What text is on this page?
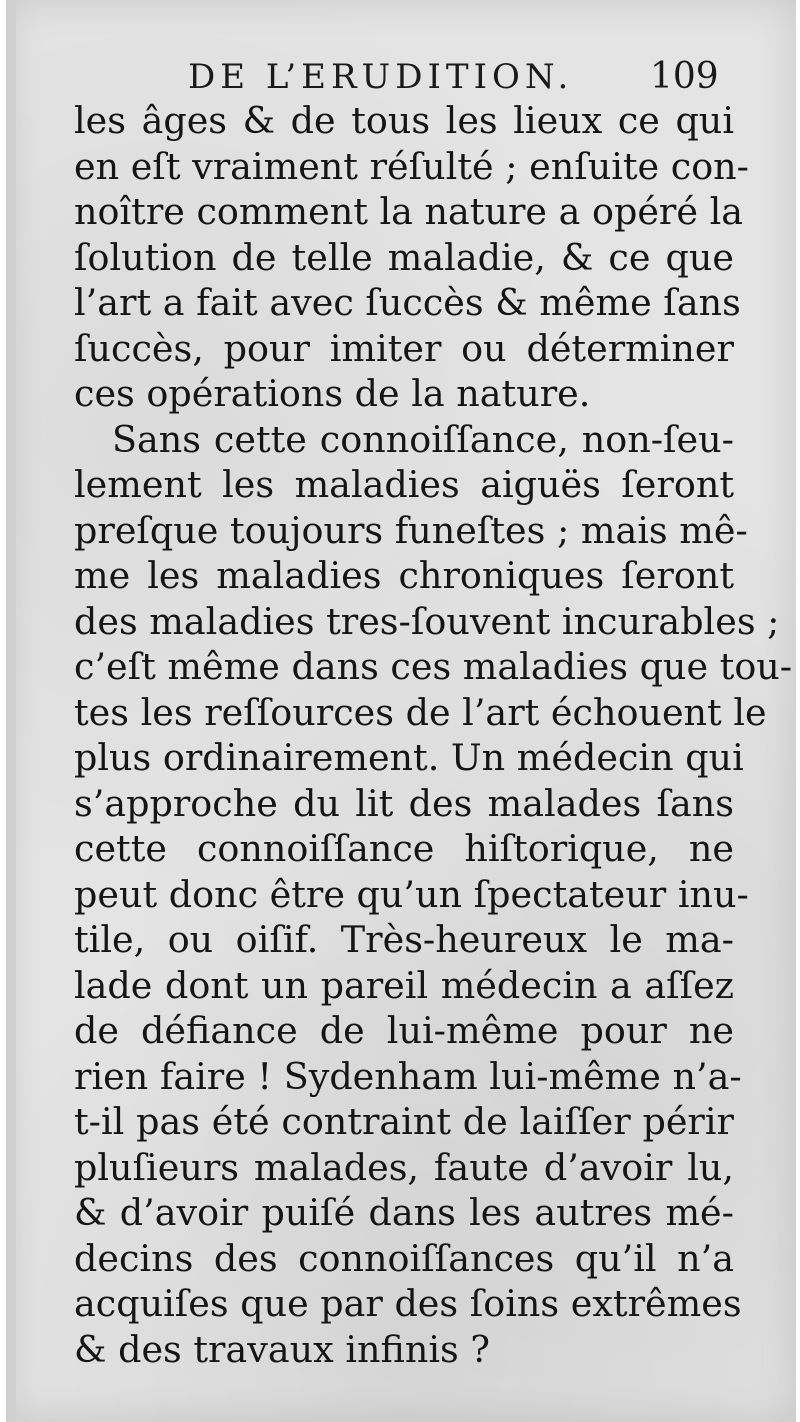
DE L’ERUDITION. 109
les âges & de tous les lieux ce qui
en eſt vraiment réſulté ; enſuite con-
noître comment la nature a opéré la
ſolution de telle maladie, & ce que
l’art a fait avec ſuccès & même ſans
ſuccès, pour imiter ou déterminer
ces opérations de la nature.
Sans cette connoiſſance, non-ſeu-
lement les maladies aiguës ſeront
preſque toujours funeſtes ; mais mê-
me les maladies chroniques ſeront
des maladies tres-ſouvent incurables ;
c’eſt même dans ces maladies que tou-
tes les reſſources de l’art échouent le
plus ordinairement. Un médecin qui
s’approche du lit des malades ſans
cette connoiſſance hiſtorique, ne
peut donc être qu’un ſpectateur inu-
tile, ou oiſif. Très-heureux le ma-
lade dont un pareil médecin a aſſez
de défiance de lui-même pour ne
rien faire ! Sydenham lui-même n’a-
t-il pas été contraint de laiſſer périr
pluſieurs malades, faute d’avoir lu,
& d’avoir puiſé dans les autres mé-
decins des connoiſſances qu’il n’a
acquiſes que par des ſoins extrêmes
& des travaux infinis ?
